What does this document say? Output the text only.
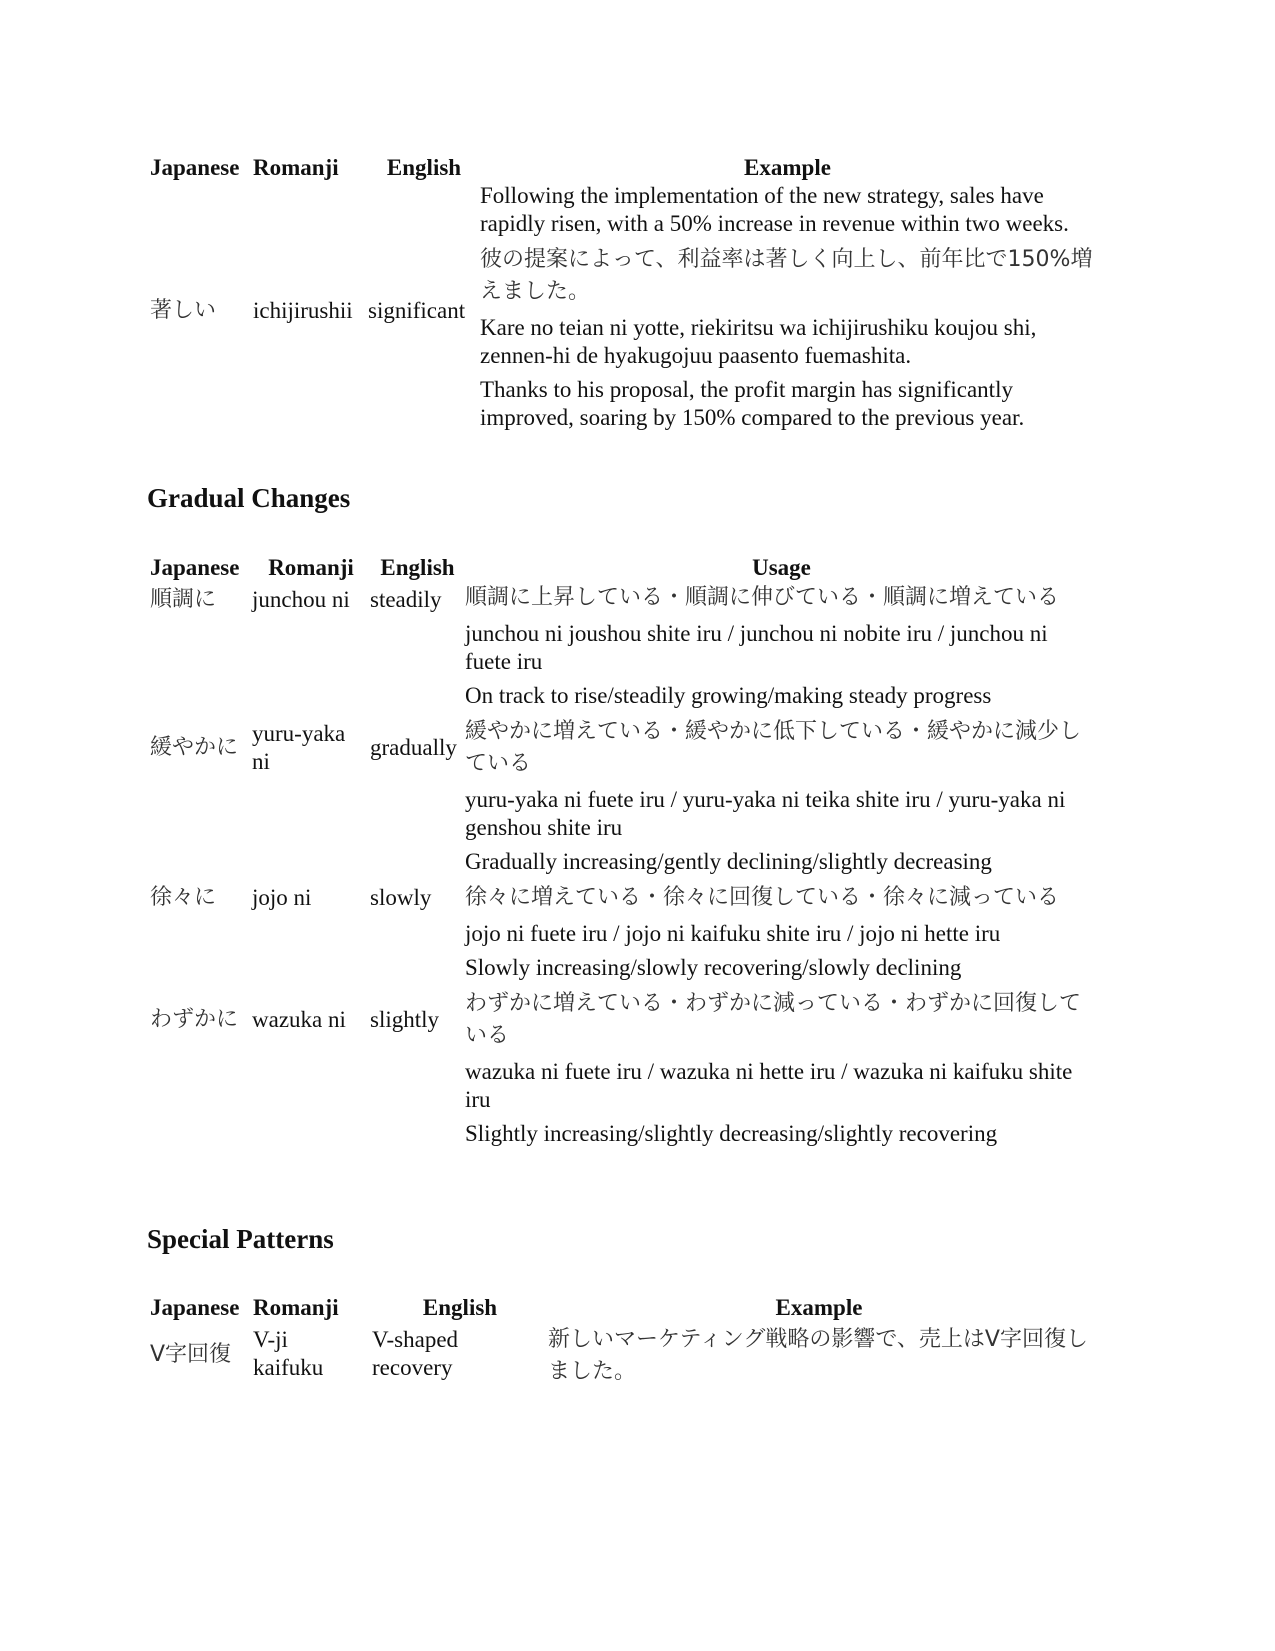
Japanese	Romanji	English	Example
著しい	ichijirushii	significant	Following the implementation of the new strategy, sales have rapidly risen, with a 50% increase in revenue within two weeks.
			彼の提案によって、利益率は著しく向上し、前年比で150%増えました。
			Kare no teian ni yotte, riekiritsu wa ichijirushiku koujou shi, zennen-hi de hyakugojuu paasento fuemashita.
			Thanks to his proposal, the profit margin has significantly improved, soaring by 150% compared to the previous year.
Gradual Changes
Japanese	Romanji	English	Usage
順調に	junchou ni	steadily	順調に上昇している・順調に伸びている・順調に増えている
			junchou ni joushou shite iru / junchou ni nobite iru / junchou ni fuete iru
			On track to rise/steadily growing/making steady progress
緩やかに	yuru-yaka ni	gradually	緩やかに増えている・緩やかに低下している・緩やかに減少している
			yuru-yaka ni fuete iru / yuru-yaka ni teika shite iru / yuru-yaka ni genshou shite iru
			Gradually increasing/gently declining/slightly decreasing
徐々に	jojo ni	slowly	徐々に増えている・徐々に回復している・徐々に減っている
			jojo ni fuete iru / jojo ni kaifuku shite iru / jojo ni hette iru
			Slowly increasing/slowly recovering/slowly declining
わずかに	wazuka ni	slightly	わずかに増えている・わずかに減っている・わずかに回復している
			wazuka ni fuete iru / wazuka ni hette iru / wazuka ni kaifuku shite iru
			Slightly increasing/slightly decreasing/slightly recovering
Special Patterns
Japanese	Romanji	English	Example
V字回復	V-ji kaifuku	V-shaped recovery	新しいマーケティング戦略の影響で、売上はV字回復しました。
